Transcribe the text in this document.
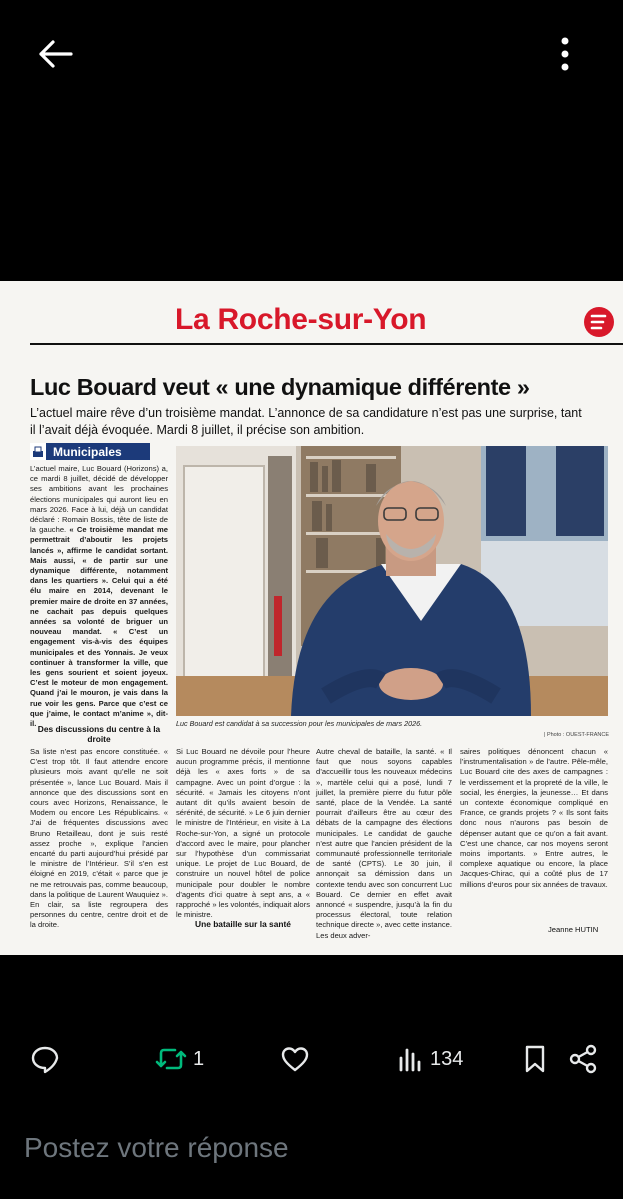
La Roche-sur-Yon
Luc Bouard veut « une dynamique différente »
L’actuel maire rêve d’un troisième mandat. L’annonce de sa candidature n’est pas une surprise, tant il l’avait déjà évoquée. Mardi 8 juillet, il précise son ambition.
Municipales
L’actuel maire, Luc Bouard (Horizons) a, ce mardi 8 juillet, décidé de développer ses ambitions avant les prochaines élections municipales qui auront lieu en mars 2026. Face à lui, déjà un candidat déclaré : Romain Bossis, tête de liste de la gauche. « Ce troisième mandat me permettrait d’aboutir les projets lancés », affirme le candidat sortant. Mais aussi, « de partir sur une dynamique différente, notamment dans les quartiers ». Celui qui a été élu maire en 2014, devenant le premier maire de droite en 37 années, ne cachait pas depuis quelques années sa volonté de briguer un nouveau mandat. « C’est un engagement vis-à-vis des équipes municipales et des Yonnais. Je veux continuer à transformer la ville, que les gens sourient et soient joyeux. C’est le moteur de mon engagement. Quand j’ai le mouron, je vais dans la rue voir les gens. Parce que c’est ce que j’aime, le contact m’anime », dit-il.
Des discussions du centre à la droite
Luc Bouard est candidat à sa succession pour les municipales de mars 2026.
| Photo : OUEST-FRANCE
Sa liste n’est pas encore constituée. « C’est trop tôt. Il faut attendre encore plusieurs mois avant qu’elle ne soit présentée », lance Luc Bouard. Mais il annonce que des discussions sont en cours avec Horizons, Renaissance, le Modem ou encore Les Républicains. « J’ai de fréquentes discussions avec Bruno Retailleau, dont je suis resté assez proche », explique l’ancien encarté du parti aujourd’hui présidé par le ministre de l’Intérieur. S’il s’en est éloigné en 2019, c’était « parce que je ne me retrouvais pas, comme beaucoup, dans la politique de Laurent Wauquiez ». En clair, sa liste regroupera des personnes du centre, centre droit et de la droite.
Si Luc Bouard ne dévoile pour l’heure aucun programme précis, il mentionne déjà les « axes forts » de sa campagne. Avec un point d’orgue : la sécurité. « Jamais les citoyens n’ont autant dit qu’ils avaient besoin de sérénité, de sécurité. » Le 6 juin dernier le ministre de l’Intérieur, en visite à La Roche-sur-Yon, a signé un protocole d’accord avec le maire, pour plancher sur l’hypothèse d’un commissariat unique. Le projet de Luc Bouard, de construire un nouvel hôtel de police municipale pour doubler le nombre d’agents d’ici quatre à sept ans, a « rapproché » les volontés, indiquait alors le ministre.
Une bataille sur la santé
Autre cheval de bataille, la santé. « Il faut que nous soyons capables d’accueillir tous les nouveaux médecins », martèle celui qui a posé, lundi 7 juillet, la première pierre du futur pôle santé, place de la Vendée. La santé pourrait d’ailleurs être au cœur des débats de la campagne des élections municipales. Le candidat de gauche n’est autre que l’ancien président de la communauté professionnelle territoriale de santé (CPTS). Le 30 juin, il annonçait sa démission dans un contexte tendu avec son concurrent Luc Bouard. Ce dernier en effet avait annoncé « suspendre, jusqu’à la fin du processus électoral, toute relation technique directe », avec cette instance. Les deux adver-
saires politiques dénoncent chacun « l’instrumentalisation » de l’autre. Pêle-mêle, Luc Bouard cite des axes de campagnes : le verdissement et la propreté de la ville, le social, les énergies, la jeunesse… Et dans un contexte économique compliqué en France, ce grands projets ? « Ils sont faits donc nous n’aurons pas besoin de dépenser autant que ce qu’on a fait avant. C’est une chance, car nos moyens seront moins importants. » Entre autres, le complexe aquatique ou encore, la place Jacques-Chirac, qui a coûté plus de 17 millions d’euros pour six années de travaux.
Jeanne HUTIN
1	134
Postez votre réponse
